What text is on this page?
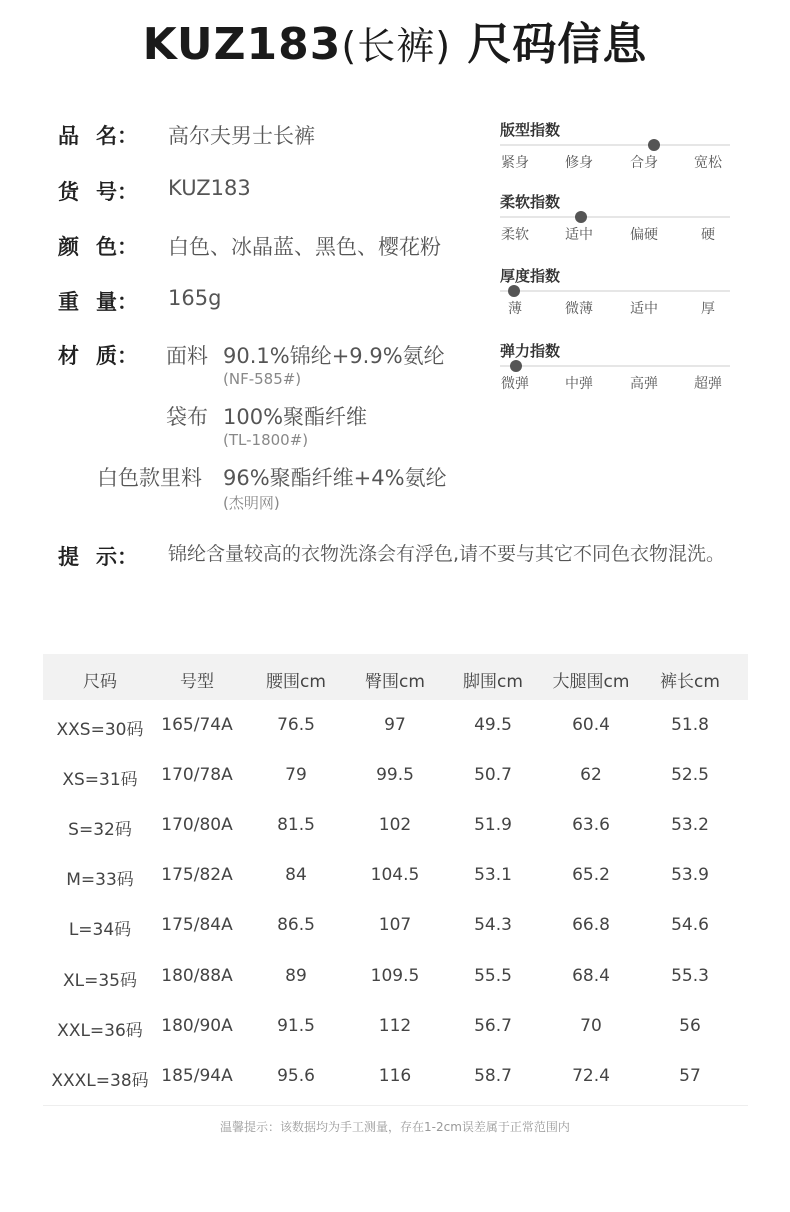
KUZ183(长裤) 尺码信息
品 名： 高尔夫男士长裤
货 号： KUZ183
颜 色： 白色、冰晶蓝、黑色、樱花粉
重 量： 165g
材 质： 面料 90.1%锦纶+9.9%氨纶
(NF-585#)
袋布 100%聚酯纤维
(TL-1800#)
白色款里料 96%聚酯纤维+4%氨纶
(杰明网)
提 示： 锦纶含量较高的衣物洗涤会有浮色,请不要与其它不同色衣物混洗。
版型指数
紧身	修身	合身	宽松
柔软指数
柔软	适中	偏硬	硬
厚度指数
薄	微薄	适中	厚
弹力指数
微弹	中弹	高弹	超弹
尺码	号型	腰围cm	臀围cm	脚围cm	大腿围cm	裤长cm
XXS=30码	165/74A	76.5	97	49.5	60.4	51.8
XS=31码	170/78A	79	99.5	50.7	62	52.5
S=32码	170/80A	81.5	102	51.9	63.6	53.2
M=33码	175/82A	84	104.5	53.1	65.2	53.9
L=34码	175/84A	86.5	107	54.3	66.8	54.6
XL=35码	180/88A	89	109.5	55.5	68.4	55.3
XXL=36码	180/90A	91.5	112	56.7	70	56
XXXL=38码 185/94A	95.6	116	58.7	72.4	57
温馨提示：该数据均为手工测量，存在1-2cm误差属于正常范围内
